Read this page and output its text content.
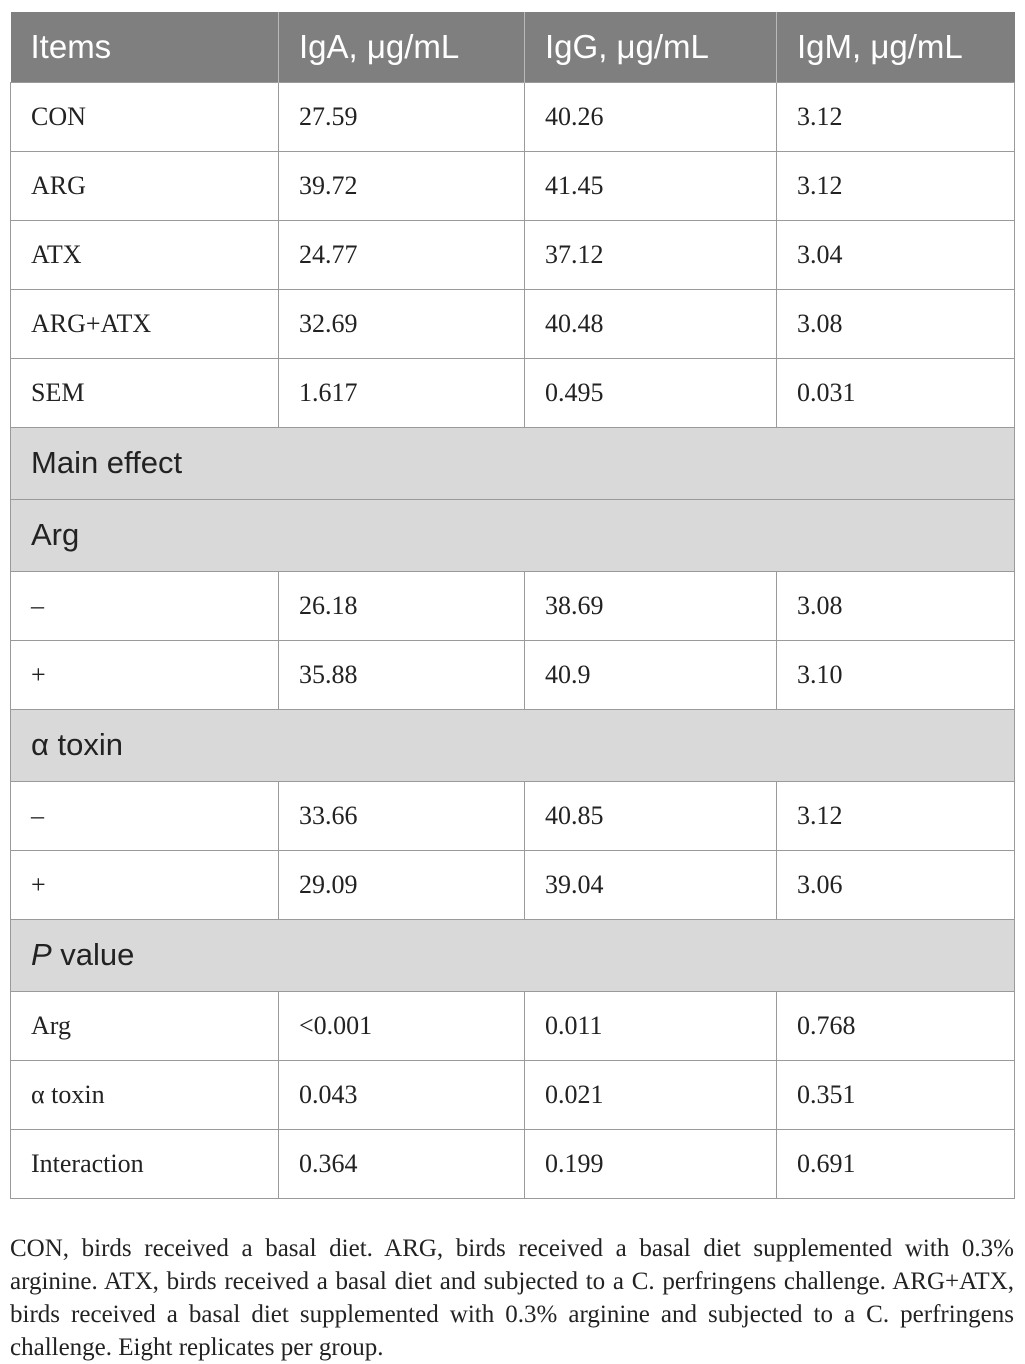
Items	IgA, μg/mL	IgG, μg/mL	IgM, μg/mL
CON	27.59	40.26	3.12
ARG	39.72	41.45	3.12
ATX	24.77	37.12	3.04
ARG+ATX	32.69	40.48	3.08
SEM	1.617	0.495	0.031
Main effect			
Arg			
–	26.18	38.69	3.08
+	35.88	40.9	3.10
α toxin			
–	33.66	40.85	3.12
+	29.09	39.04	3.06
P value			
Arg	<0.001	0.011	0.768
α toxin	0.043	0.021	0.351
Interaction	0.364	0.199	0.691

CON, birds received a basal diet. ARG, birds received a basal diet supplemented with 0.3% arginine. ATX, birds received a basal diet and subjected to a C. perfringens challenge. ARG+ATX, birds received a basal diet supplemented with 0.3% arginine and subjected to a C. perfringens challenge. Eight replicates per group.
